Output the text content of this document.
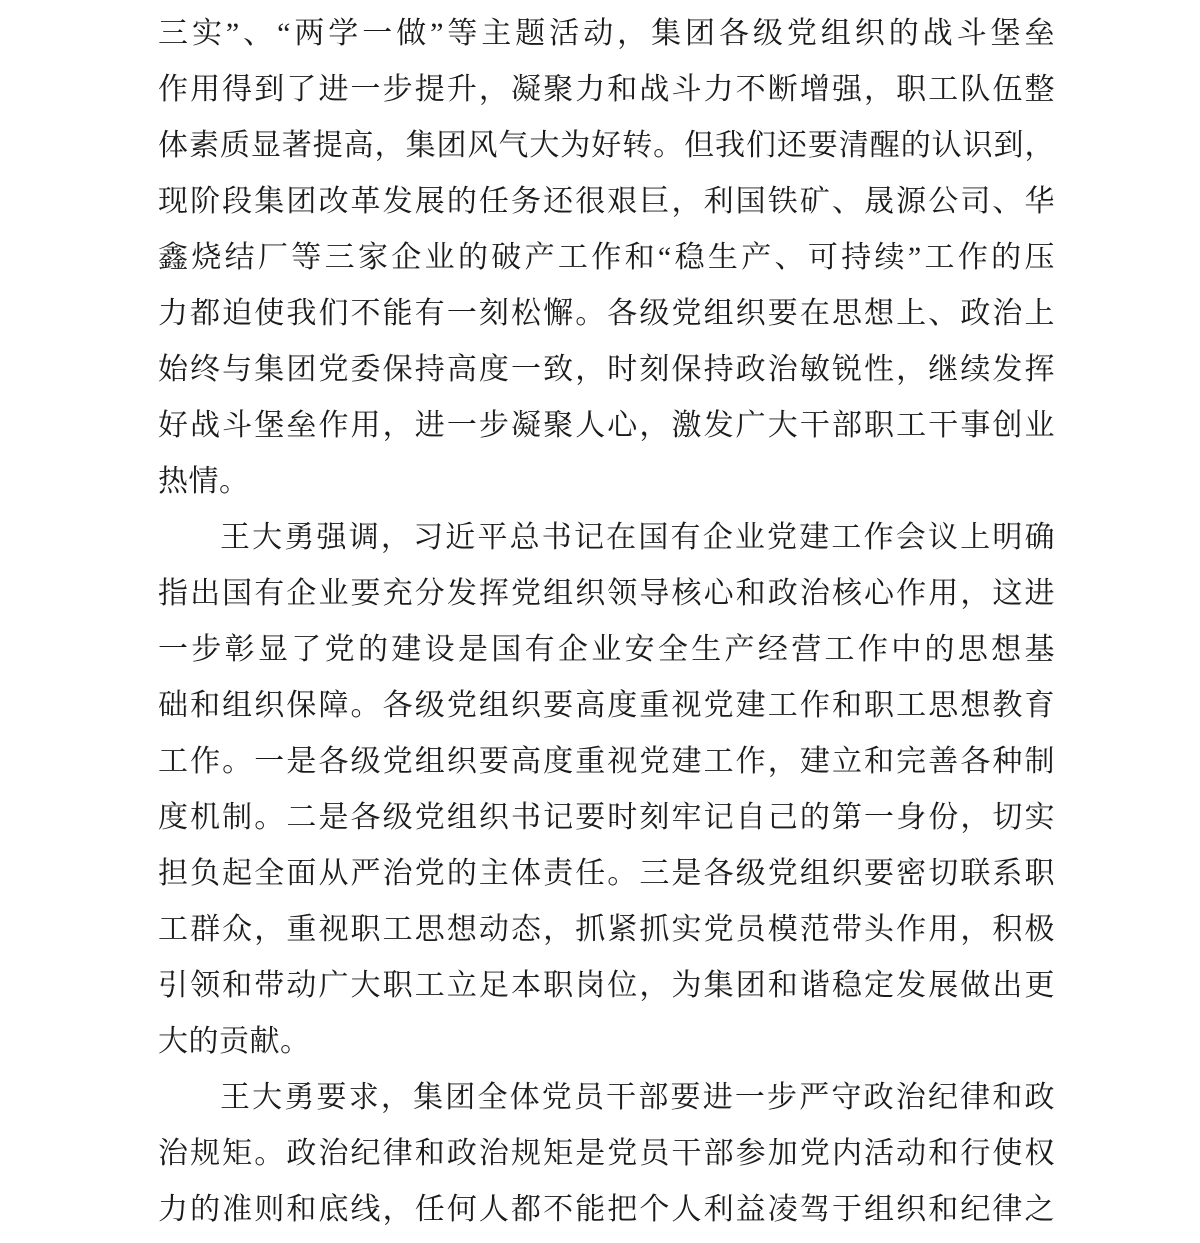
三实”、“两学一做”等主题活动，集团各级党组织的战斗堡垒
作用得到了进一步提升，凝聚力和战斗力不断增强，职工队伍整
体素质显著提高，集团风气大为好转。但我们还要清醒的认识到，
现阶段集团改革发展的任务还很艰巨，利国铁矿、晟源公司、华
鑫烧结厂等三家企业的破产工作和“稳生产、可持续”工作的压
力都迫使我们不能有一刻松懈。各级党组织要在思想上、政治上
始终与集团党委保持高度一致，时刻保持政治敏锐性，继续发挥
好战斗堡垒作用，进一步凝聚人心，激发广大干部职工干事创业
热情。
王大勇强调，习近平总书记在国有企业党建工作会议上明确
指出国有企业要充分发挥党组织领导核心和政治核心作用，这进
一步彰显了党的建设是国有企业安全生产经营工作中的思想基
础和组织保障。各级党组织要高度重视党建工作和职工思想教育
工作。一是各级党组织要高度重视党建工作，建立和完善各种制
度机制。二是各级党组织书记要时刻牢记自己的第一身份，切实
担负起全面从严治党的主体责任。三是各级党组织要密切联系职
工群众，重视职工思想动态，抓紧抓实党员模范带头作用，积极
引领和带动广大职工立足本职岗位，为集团和谐稳定发展做出更
大的贡献。
王大勇要求，集团全体党员干部要进一步严守政治纪律和政
治规矩。政治纪律和政治规矩是党员干部参加党内活动和行使权
力的准则和底线，任何人都不能把个人利益凌驾于组织和纪律之
